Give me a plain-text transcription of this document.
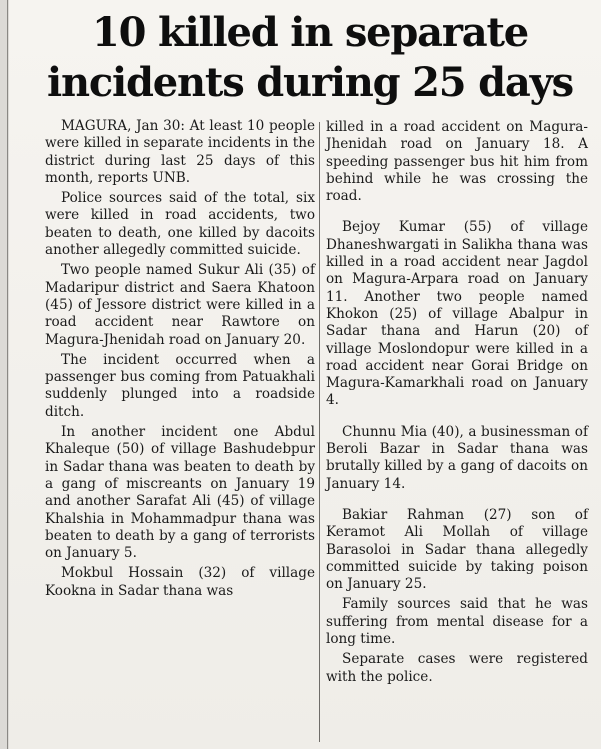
10 killed in separate
incidents during 25 days

MAGURA, Jan 30: At least 10 people were killed in separate incidents in the district during last 25 days of this month, reports UNB.

Police sources said of the total, six were killed in road accidents, two beaten to death, one killed by dacoits another allegedly committed suicide.

Two people named Sukur Ali (35) of Madaripur district and Saera Khatoon (45) of Jessore district were killed in a road accident near Rawtore on Magura-Jhenidah road on January 20.

The incident occurred when a passenger bus coming from Patuakhali suddenly plunged into a roadside ditch.

In another incident one Abdul Khaleque (50) of village Bashudebpur in Sadar thana was beaten to death by a gang of miscreants on January 19 and another Sarafat Ali (45) of village Khalshia in Mohammadpur thana was beaten to death by a gang of terrorists on January 5.

Mokbul Hossain (32) of village Kookna in Sadar thana was

killed in a road accident on Magura-Jhenidah road on January 18. A speeding passenger bus hit him from behind while he was crossing the road.

Bejoy Kumar (55) of village Dhaneshwargati in Salikha thana was killed in a road accident near Jagdol on Magura-Arpara road on January 11. Another two people named Khokon (25) of village Abalpur in Sadar thana and Harun (20) of village Moslondopur were killed in a road accident near Gorai Bridge on Magura-Kamarkhali road on January 4.

Chunnu Mia (40), a businessman of Beroli Bazar in Sadar thana was brutally killed by a gang of dacoits on January 14.

Bakiar Rahman (27) son of Keramot Ali Mollah of village Barasoloi in Sadar thana allegedly committed suicide by taking poison on January 25.

Family sources said that he was suffering from mental disease for a long time.

Separate cases were registered with the police.
